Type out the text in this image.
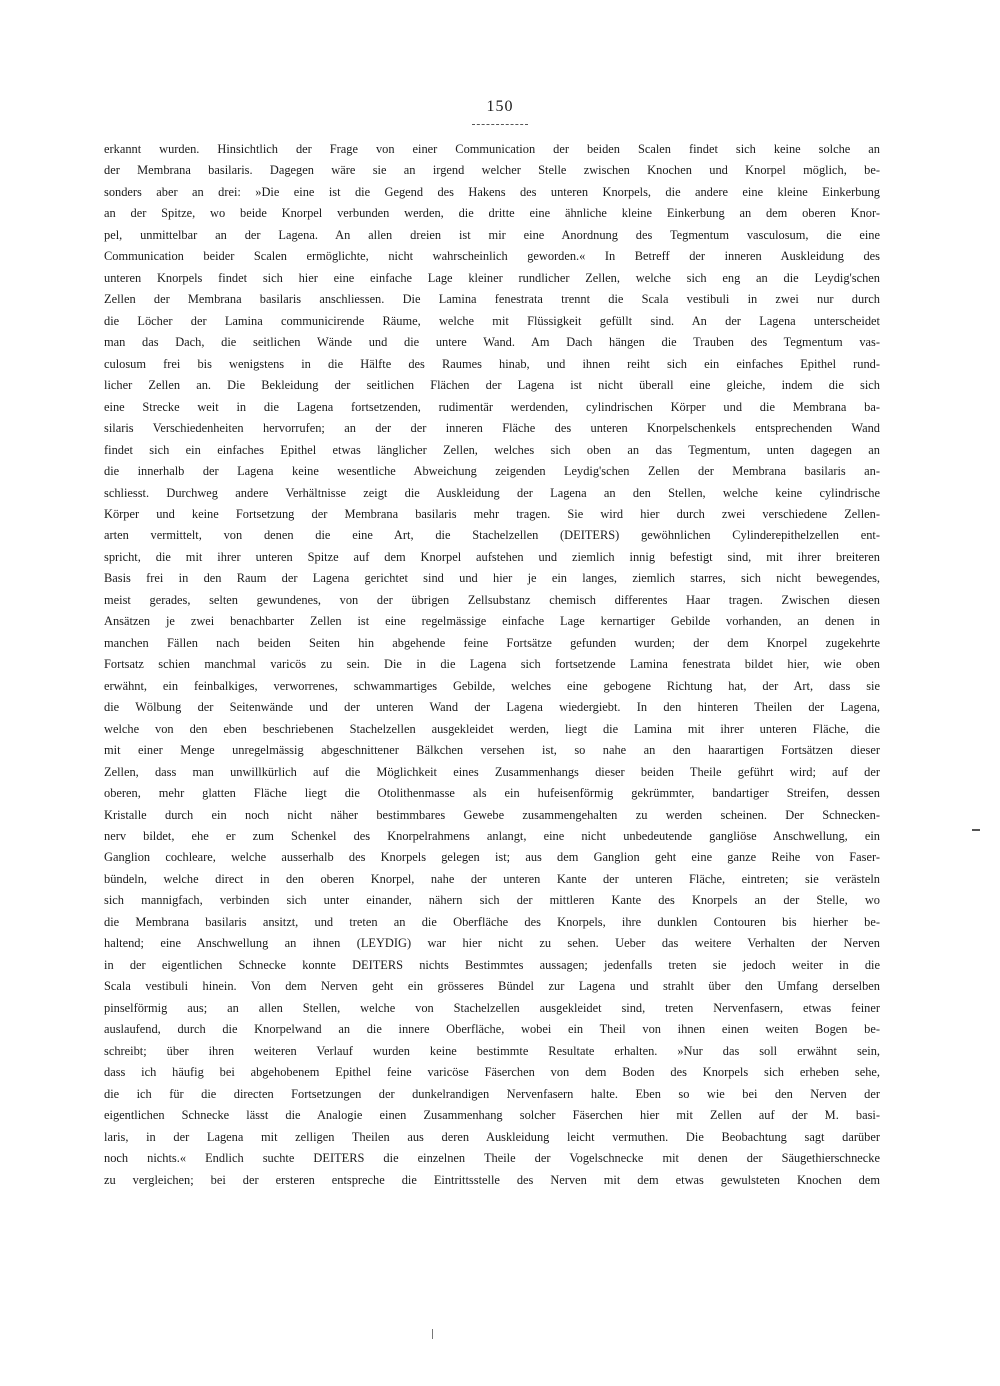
150
erkannt wurden. Hinsichtlich der Frage von einer Communication der beiden Scalen findet sich keine solche an
der Membrana basilaris. Dagegen wäre sie an irgend welcher Stelle zwischen Knochen und Knorpel möglich, be-
sonders aber an drei: »Die eine ist die Gegend des Hakens des unteren Knorpels, die andere eine kleine Einkerbung
an der Spitze, wo beide Knorpel verbunden werden, die dritte eine ähnliche kleine Einkerbung an dem oberen Knor-
pel, unmittelbar an der Lagena. An allen dreien ist mir eine Anordnung des Tegmentum vasculosum, die eine
Communication beider Scalen ermöglichte, nicht wahrscheinlich geworden.« In Betreff der inneren Auskleidung des
unteren Knorpels findet sich hier eine einfache Lage kleiner rundlicher Zellen, welche sich eng an die Leydig'schen
Zellen der Membrana basilaris anschliessen. Die Lamina fenestrata trennt die Scala vestibuli in zwei nur durch
die Löcher der Lamina communicirende Räume, welche mit Flüssigkeit gefüllt sind. An der Lagena unterscheidet
man das Dach, die seitlichen Wände und die untere Wand. Am Dach hängen die Trauben des Tegmentum vas-
culosum frei bis wenigstens in die Hälfte des Raumes hinab, und ihnen reiht sich ein einfaches Epithel rund-
licher Zellen an. Die Bekleidung der seitlichen Flächen der Lagena ist nicht überall eine gleiche, indem die sich
eine Strecke weit in die Lagena fortsetzenden, rudimentär werdenden, cylindrischen Körper und die Membrana ba-
silaris Verschiedenheiten hervorrufen; an der der inneren Fläche des unteren Knorpelschenkels entsprechenden Wand
findet sich ein einfaches Epithel etwas länglicher Zellen, welches sich oben an das Tegmentum, unten dagegen an
die innerhalb der Lagena keine wesentliche Abweichung zeigenden Leydig'schen Zellen der Membrana basilaris an-
schliesst. Durchweg andere Verhältnisse zeigt die Auskleidung der Lagena an den Stellen, welche keine cylindrische
Körper und keine Fortsetzung der Membrana basilaris mehr tragen. Sie wird hier durch zwei verschiedene Zellen-
arten vermittelt, von denen die eine Art, die Stachelzellen (DEITERS) gewöhnlichen Cylinderepithelzellen ent-
spricht, die mit ihrer unteren Spitze auf dem Knorpel aufstehen und ziemlich innig befestigt sind, mit ihrer breiteren
Basis frei in den Raum der Lagena gerichtet sind und hier je ein langes, ziemlich starres, sich nicht bewegendes,
meist gerades, selten gewundenes, von der übrigen Zellsubstanz chemisch differentes Haar tragen. Zwischen diesen
Ansätzen je zwei benachbarter Zellen ist eine regelmässige einfache Lage kernartiger Gebilde vorhanden, an denen in
manchen Fällen nach beiden Seiten hin abgehende feine Fortsätze gefunden wurden; der dem Knorpel zugekehrte
Fortsatz schien manchmal varicös zu sein. Die in die Lagena sich fortsetzende Lamina fenestrata bildet hier, wie oben
erwähnt, ein feinbalkiges, verworrenes, schwammartiges Gebilde, welches eine gebogene Richtung hat, der Art, dass sie
die Wölbung der Seitenwände und der unteren Wand der Lagena wiedergiebt. In den hinteren Theilen der Lagena,
welche von den eben beschriebenen Stachelzellen ausgekleidet werden, liegt die Lamina mit ihrer unteren Fläche, die
mit einer Menge unregelmässig abgeschnittener Bälkchen versehen ist, so nahe an den haarartigen Fortsätzen dieser
Zellen, dass man unwillkürlich auf die Möglichkeit eines Zusammenhangs dieser beiden Theile geführt wird; auf der
oberen, mehr glatten Fläche liegt die Otolithenmasse als ein hufeisenförmig gekrümmter, bandartiger Streifen, dessen
Kristalle durch ein noch nicht näher bestimmbares Gewebe zusammengehalten zu werden scheinen. Der Schnecken-
nerv bildet, ehe er zum Schenkel des Knorpelrahmens anlangt, eine nicht unbedeutende gangliöse Anschwellung, ein
Ganglion cochleare, welche ausserhalb des Knorpels gelegen ist; aus dem Ganglion geht eine ganze Reihe von Faser-
bündeln, welche direct in den oberen Knorpel, nahe der unteren Kante der unteren Fläche, eintreten; sie verästeln
sich mannigfach, verbinden sich unter einander, nähern sich der mittleren Kante des Knorpels an der Stelle, wo
die Membrana basilaris ansitzt, und treten an die Oberfläche des Knorpels, ihre dunklen Contouren bis hierher be-
haltend; eine Anschwellung an ihnen (LEYDIG) war hier nicht zu sehen. Ueber das weitere Verhalten der Nerven
in der eigentlichen Schnecke konnte DEITERS nichts Bestimmtes aussagen; jedenfalls treten sie jedoch weiter in die
Scala vestibuli hinein. Von dem Nerven geht ein grösseres Bündel zur Lagena und strahlt über den Umfang derselben
pinselförmig aus; an allen Stellen, welche von Stachelzellen ausgekleidet sind, treten Nervenfasern, etwas feiner
auslaufend, durch die Knorpelwand an die innere Oberfläche, wobei ein Theil von ihnen einen weiten Bogen be-
schreibt; über ihren weiteren Verlauf wurden keine bestimmte Resultate erhalten. »Nur das soll erwähnt sein,
dass ich häufig bei abgehobenem Epithel feine varicöse Fäserchen von dem Boden des Knorpels sich erheben sehe,
die ich für die directen Fortsetzungen der dunkelrandigen Nervenfasern halte. Eben so wie bei den Nerven der
eigentlichen Schnecke lässt die Analogie einen Zusammenhang solcher Fäserchen hier mit Zellen auf der M. basi-
laris, in der Lagena mit zelligen Theilen aus deren Auskleidung leicht vermuthen. Die Beobachtung sagt darüber
noch nichts.« Endlich suchte DEITERS die einzelnen Theile der Vogelschnecke mit denen der Säugethierschnecke
zu vergleichen; bei der ersteren entspreche die Eintrittsstelle des Nerven mit dem etwas gewulsteten Knochen dem
